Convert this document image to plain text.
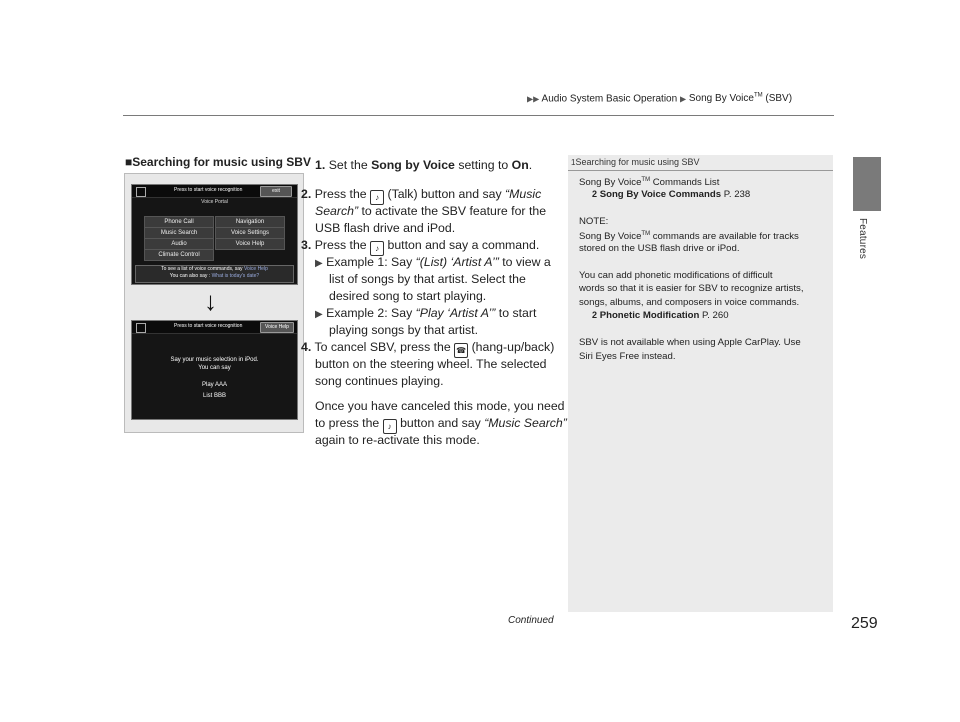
▶▶ Audio System Basic Operation ▶ Song By Voice™ (SBV)
Features
■Searching for music using SBV
Press to start voice recognition	exit
Voice Portal
Phone Call	Navigation
Music Search	Voice Settings
Audio	Voice Help
Climate Control
To see a list of voice commands, say Voice Help
You can also say : What is today's date?
↓
Press to start voice recognition	Voice Help
Say your music selection in iPod.
You can say
Play AAA
List BBB
1. Set the Song by Voice setting to On.
2. Press the ♪ (Talk) button and say “Music
Search” to activate the SBV feature for the
USB flash drive and iPod.
3. Press the ♪ button and say a command.
▶ Example 1: Say “(List) ‘Artist A’” to view a
list of songs by that artist. Select the
desired song to start playing.
▶ Example 2: Say “Play ‘Artist A’” to start
playing songs by that artist.
4. To cancel SBV, press the ☎ (hang-up/back)
button on the steering wheel. The selected
song continues playing.
Once you have canceled this mode, you need
to press the ♪ button and say “Music Search”
again to re-activate this mode.
1Searching for music using SBV
Song By Voice™ Commands List
2 Song By Voice Commands P. 238
NOTE:
Song By Voice™ commands are available for tracks
stored on the USB flash drive or iPod.
You can add phonetic modifications of difficult
words so that it is easier for SBV to recognize artists,
songs, albums, and composers in voice commands.
2 Phonetic Modification P. 260
SBV is not available when using Apple CarPlay. Use
Siri Eyes Free instead.
Continued	259
